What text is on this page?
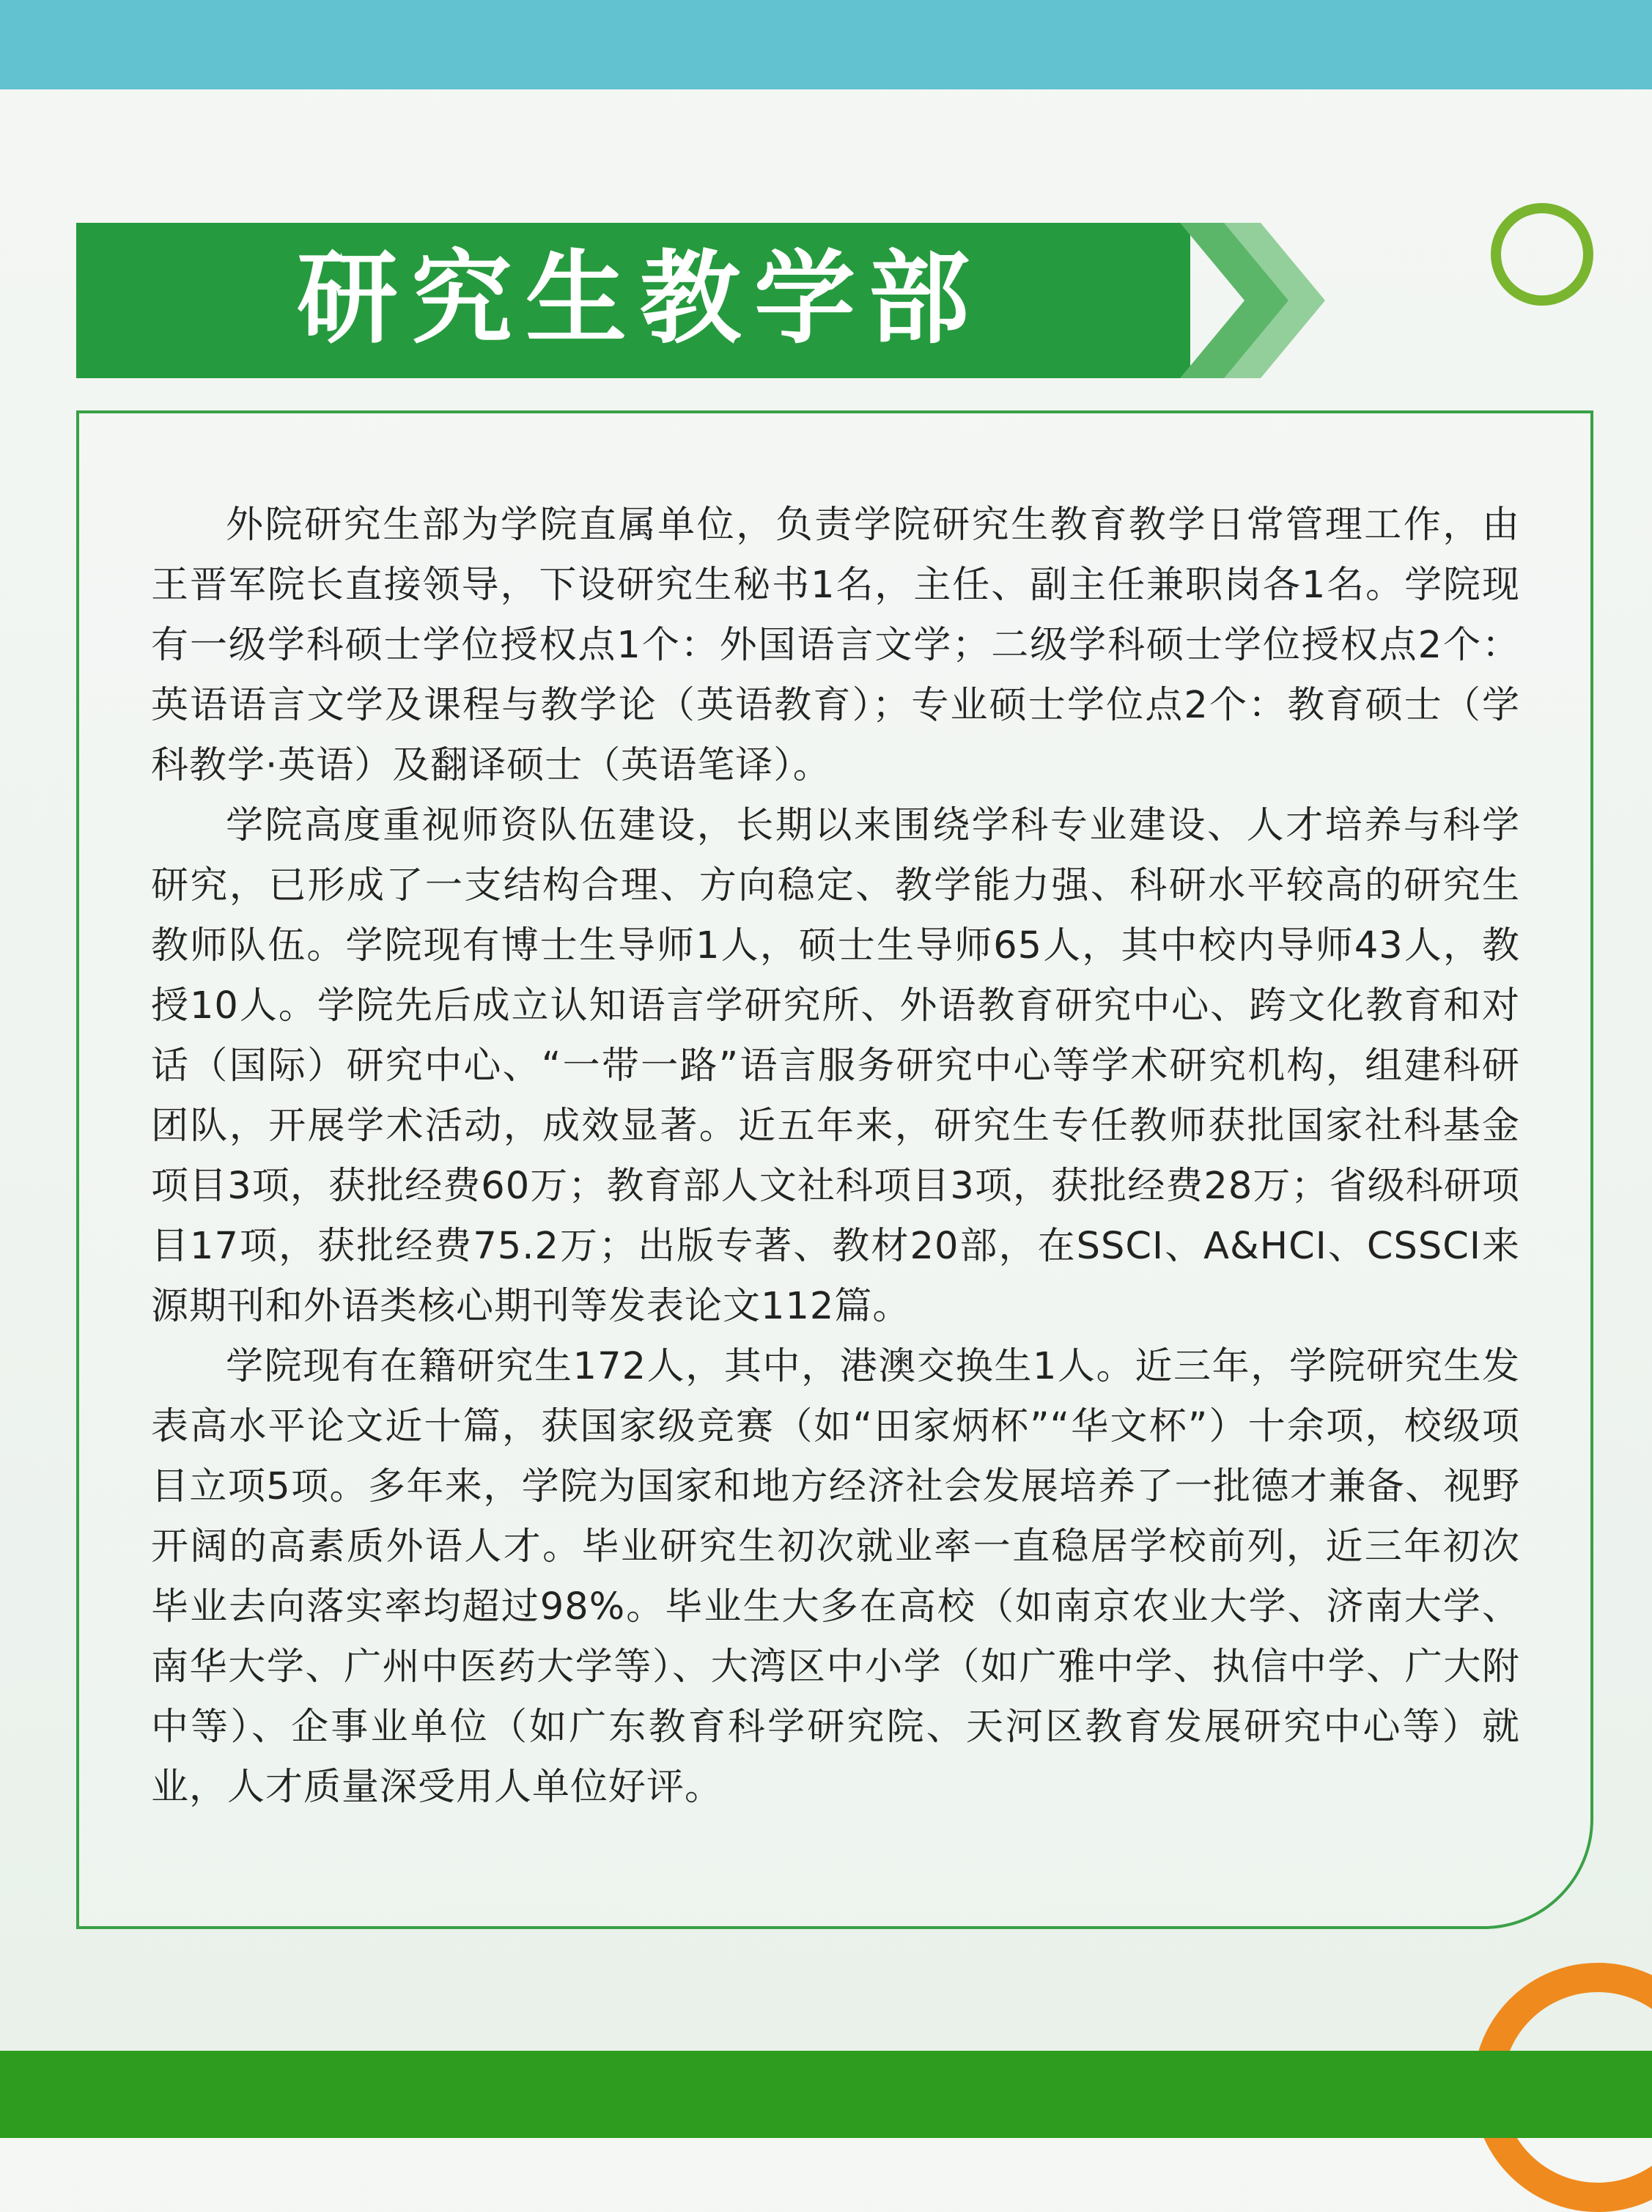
研究生教学部

外院研究生部为学院直属单位，负责学院研究生教育教学日常管理工作，由王晋军院长直接领导，下设研究生秘书1名，主任、副主任兼职岗各1名。学院现有一级学科硕士学位授权点1个：外国语言文学；二级学科硕士学位授权点2个：英语语言文学及课程与教学论（英语教育）；专业硕士学位点2个：教育硕士（学科教学·英语）及翻译硕士（英语笔译）。

学院高度重视师资队伍建设，长期以来围绕学科专业建设、人才培养与科学研究，已形成了一支结构合理、方向稳定、教学能力强、科研水平较高的研究生教师队伍。学院现有博士生导师1人，硕士生导师65人，其中校内导师43人，教授10人。学院先后成立认知语言学研究所、外语教育研究中心、跨文化教育和对话（国际）研究中心、“一带一路”语言服务研究中心等学术研究机构，组建科研团队，开展学术活动，成效显著。近五年来，研究生专任教师获批国家社科基金项目3项，获批经费60万；教育部人文社科项目3项，获批经费28万；省级科研项目17项，获批经费75.2万；出版专著、教材20部，在SSCI、A&HCI、CSSCI来源期刊和外语类核心期刊等发表论文112篇。

学院现有在籍研究生172人，其中，港澳交换生1人。近三年，学院研究生发表高水平论文近十篇，获国家级竞赛（如“田家炳杯”“华文杯”）十余项，校级项目立项5项。多年来，学院为国家和地方经济社会发展培养了一批德才兼备、视野开阔的高素质外语人才。毕业研究生初次就业率一直稳居学校前列，近三年初次毕业去向落实率均超过98%。毕业生大多在高校（如南京农业大学、济南大学、南华大学、广州中医药大学等）、大湾区中小学（如广雅中学、执信中学、广大附中等）、企事业单位（如广东教育科学研究院、天河区教育发展研究中心等）就业，人才质量深受用人单位好评。
